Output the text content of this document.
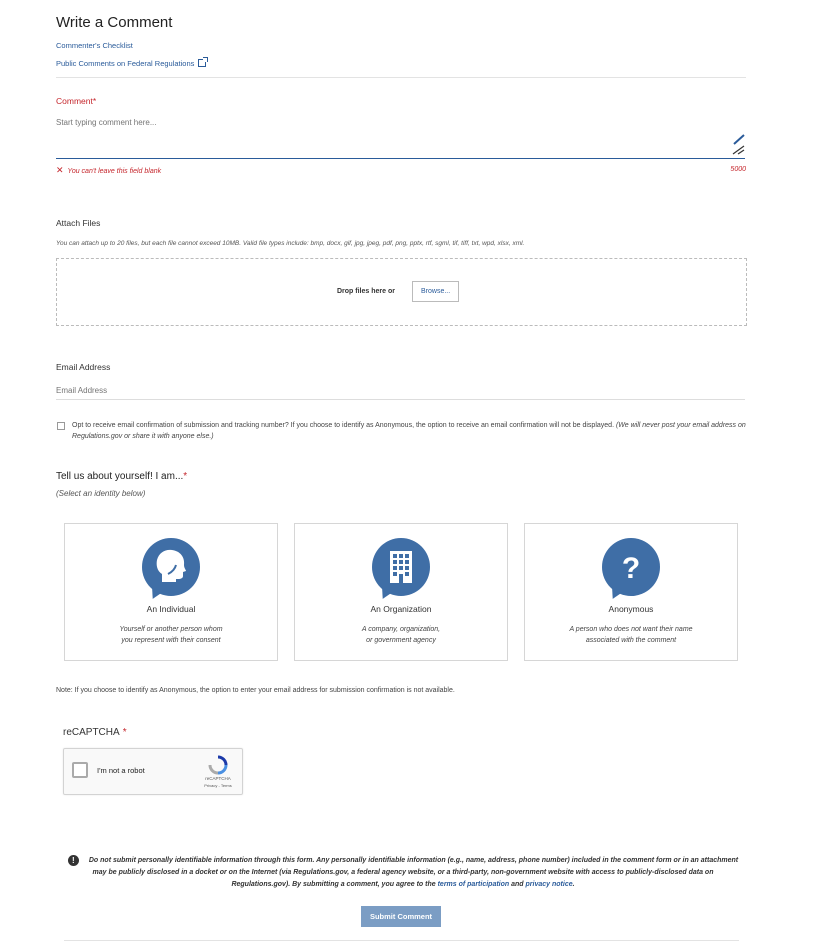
Write a Comment
Commenter's Checklist
Public Comments on Federal Regulations
Comment*
Start typing comment here...
✕ You can't leave this field blank	5000
Attach Files
You can attach up to 20 files, but each file cannot exceed 10MB. Valid file types include: bmp, docx, gif, jpg, jpeg, pdf, png, pptx, rtf, sgml, tif, tiff, txt, wpd, xlsx, xml.
Drop files here or	Browse...
Email Address
Email Address
Opt to receive email confirmation of submission and tracking number? If you choose to identify as Anonymous, the option to receive an email confirmation will not be displayed. (We will never post your email address on Regulations.gov or share it with anyone else.)
Tell us about yourself! I am...*
(Select an identity below)
An Individual
Yourself or another person whom
you represent with their consent
An Organization
A company, organization,
or government agency
?
Anonymous
A person who does not want their name
associated with the comment
Note: If you choose to identify as Anonymous, the option to enter your email address for submission confirmation is not available.
reCAPTCHA *
I'm not a robot
reCAPTCHA
Privacy - Terms
! Do not submit personally identifiable information through this form. Any personally identifiable information (e.g., name, address, phone number) included in the comment form or in an attachment may be publicly disclosed in a docket or on the Internet (via Regulations.gov, a federal agency website, or a third-party, non-government website with access to publicly-disclosed data on Regulations.gov). By submitting a comment, you agree to the terms of participation and privacy notice.
Submit Comment
